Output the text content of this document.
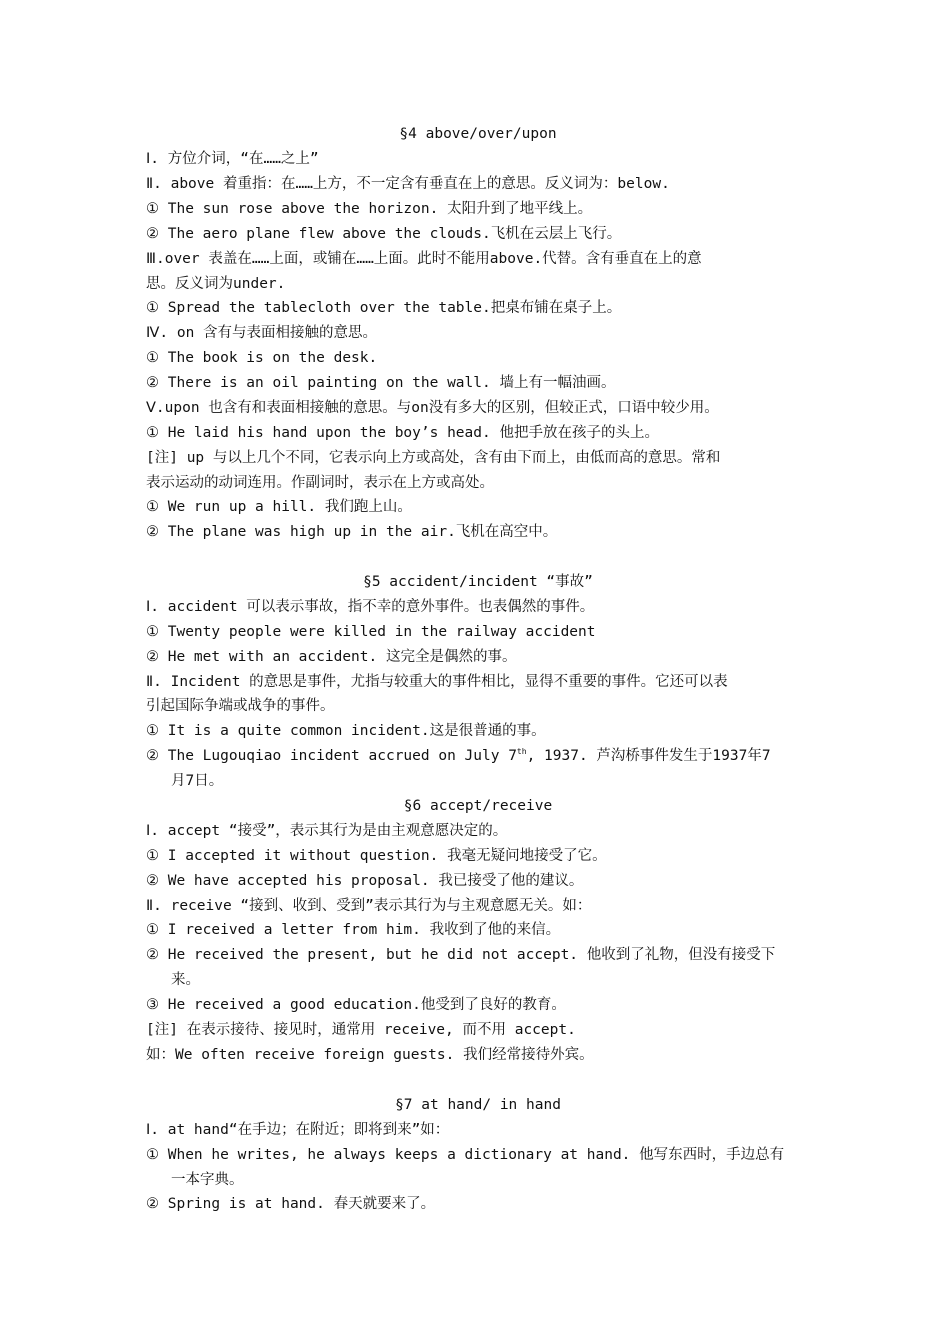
§4 above/over/upon
Ⅰ. 方位介词，“在……之上”
Ⅱ. above 着重指：在……上方，不一定含有垂直在上的意思。反义词为：below.
① The sun rose above the horizon. 太阳升到了地平线上。
② The aero plane flew above the clouds.飞机在云层上飞行。
Ⅲ.over 表盖在……上面，或铺在……上面。此时不能用above.代替。含有垂直在上的意
思。反义词为under.
① Spread the tablecloth over the table.把桌布铺在桌子上。
Ⅳ. on 含有与表面相接触的意思。
① The book is on the desk.
② There is an oil painting on the wall. 墙上有一幅油画。
Ⅴ.upon 也含有和表面相接触的意思。与on没有多大的区别，但较正式，口语中较少用。
① He laid his hand upon the boy’s head. 他把手放在孩子的头上。
[注] up 与以上几个不同，它表示向上方或高处，含有由下而上，由低而高的意思。常和
表示运动的动词连用。作副词时，表示在上方或高处。
① We run up a hill. 我们跑上山。
② The plane was high up in the air.飞机在高空中。
§5 accident/incident “事故”
Ⅰ. accident 可以表示事故，指不幸的意外事件。也表偶然的事件。
① Twenty people were killed in the railway accident
② He met with an accident. 这完全是偶然的事。
Ⅱ. Incident 的意思是事件，尤指与较重大的事件相比，显得不重要的事件。它还可以表
引起国际争端或战争的事件。
① It is a quite common incident.这是很普通的事。
② The Lugouqiao incident accrued on July 7th, 1937. 芦沟桥事件发生于1937年7
月7日。
§6 accept/receive
Ⅰ. accept “接受”，表示其行为是由主观意愿决定的。
① I accepted it without question. 我毫无疑问地接受了它。
② We have accepted his proposal. 我已接受了他的建议。
Ⅱ. receive “接到、收到、受到”表示其行为与主观意愿无关。如：
① I received a letter from him. 我收到了他的来信。
② He received the present, but he did not accept. 他收到了礼物，但没有接受下
来。
③ He received a good education.他受到了良好的教育。
[注] 在表示接待、接见时，通常用 receive, 而不用 accept.
如：We often receive foreign guests. 我们经常接待外宾。
§7 at hand/ in hand
Ⅰ. at hand“在手边；在附近；即将到来”如：
① When he writes, he always keeps a dictionary at hand. 他写东西时，手边总有
一本字典。
② Spring is at hand. 春天就要来了。
